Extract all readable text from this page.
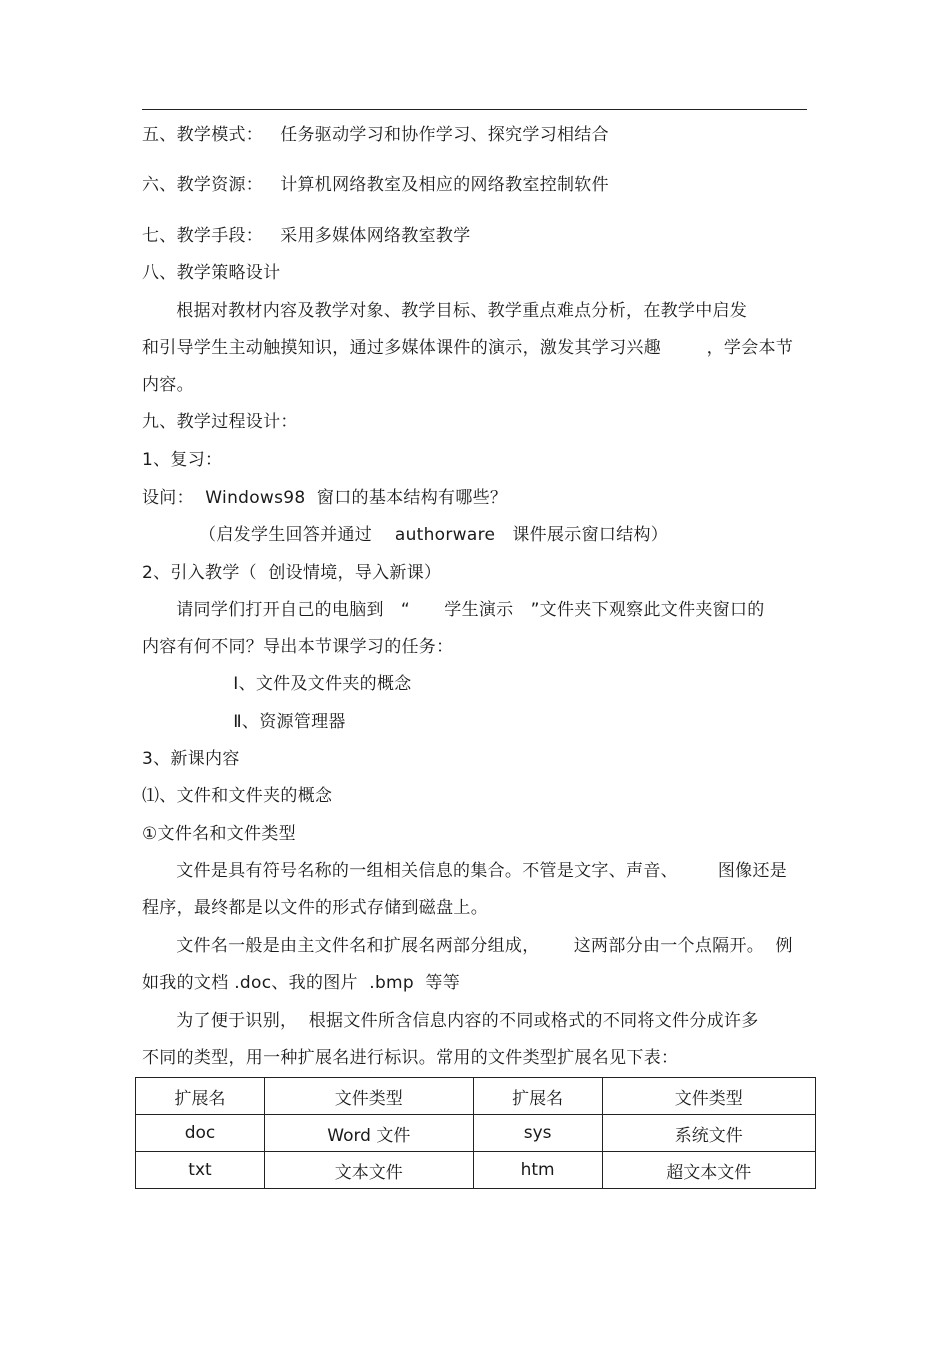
五、教学模式：   任务驱动学习和协作学习、探究学习相结合
六、教学资源：   计算机网络教室及相应的网络教室控制软件
七、教学手段：   采用多媒体网络教室教学
八、教学策略设计
根据对教材内容及教学对象、教学目标、教学重点难点分析，在教学中启发
和引导学生主动触摸知识，通过多媒体课件的演示，激发其学习兴趣        ，学会本节
内容。
九、教学过程设计：
1、复习：
设问：  Windows98  窗口的基本结构有哪些？
（启发学生回答并通过    authorware   课件展示窗口结构）
2、引入教学（  创设情境，导入新课）
请同学们打开自己的电脑到   “      学生演示   ”文件夹下观察此文件夹窗口的
内容有何不同？导出本节课学习的任务：
Ⅰ、文件及文件夹的概念
Ⅱ、资源管理器
3、新课内容
⑴、文件和文件夹的概念
①文件名和文件类型
文件是具有符号名称的一组相关信息的集合。不管是文字、声音、       图像还是
程序，最终都是以文件的形式存储到磁盘上。
文件名一般是由主文件名和扩展名两部分组成，      这两部分由一个点隔开。  例
如我的文档 .doc、我的图片  .bmp  等等
为了便于识别，  根据文件所含信息内容的不同或格式的不同将文件分成许多
不同的类型，用一种扩展名进行标识。常用的文件类型扩展名见下表：
扩展名	文件类型	扩展名	文件类型
doc	Word 文件	sys	系统文件
txt	文本文件	htm	超文本文件
